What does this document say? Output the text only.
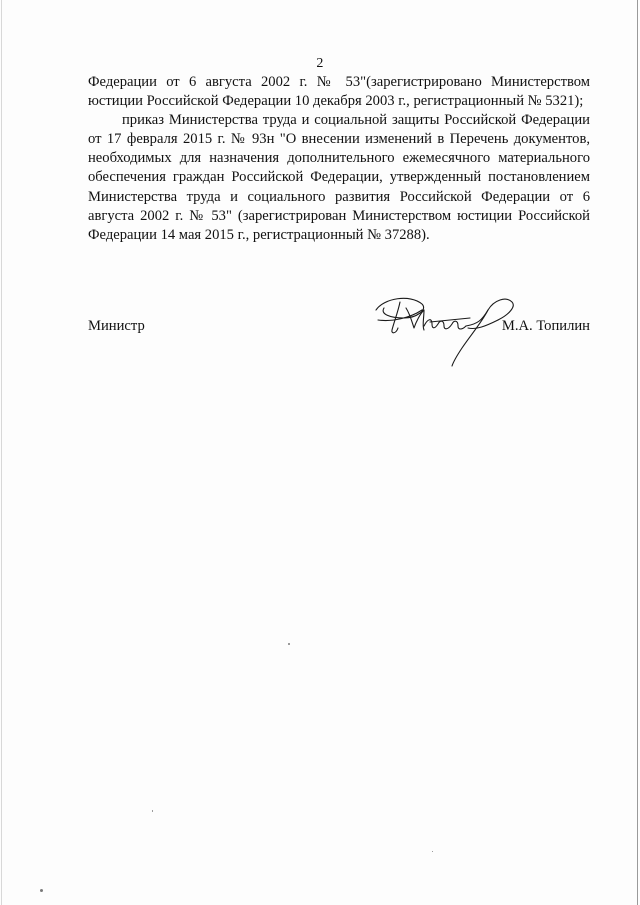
2

Федерации от 6 августа 2002 г. № 53"(зарегистрировано Министерством юстиции Российской Федерации 10 декабря 2003 г., регистрационный № 5321);

приказ Министерства труда и социальной защиты Российской Федерации от 17 февраля 2015 г. № 93н "О внесении изменений в Перечень документов, необходимых для назначения дополнительного ежемесячного материального обеспечения граждан Российской Федерации, утвержденный постановлением Министерства труда и социального развития Российской Федерации от 6 августа 2002 г. № 53" (зарегистрирован Министерством юстиции Российской Федерации 14 мая 2015 г., регистрационный № 37288).

Министр	М.А. Топилин
